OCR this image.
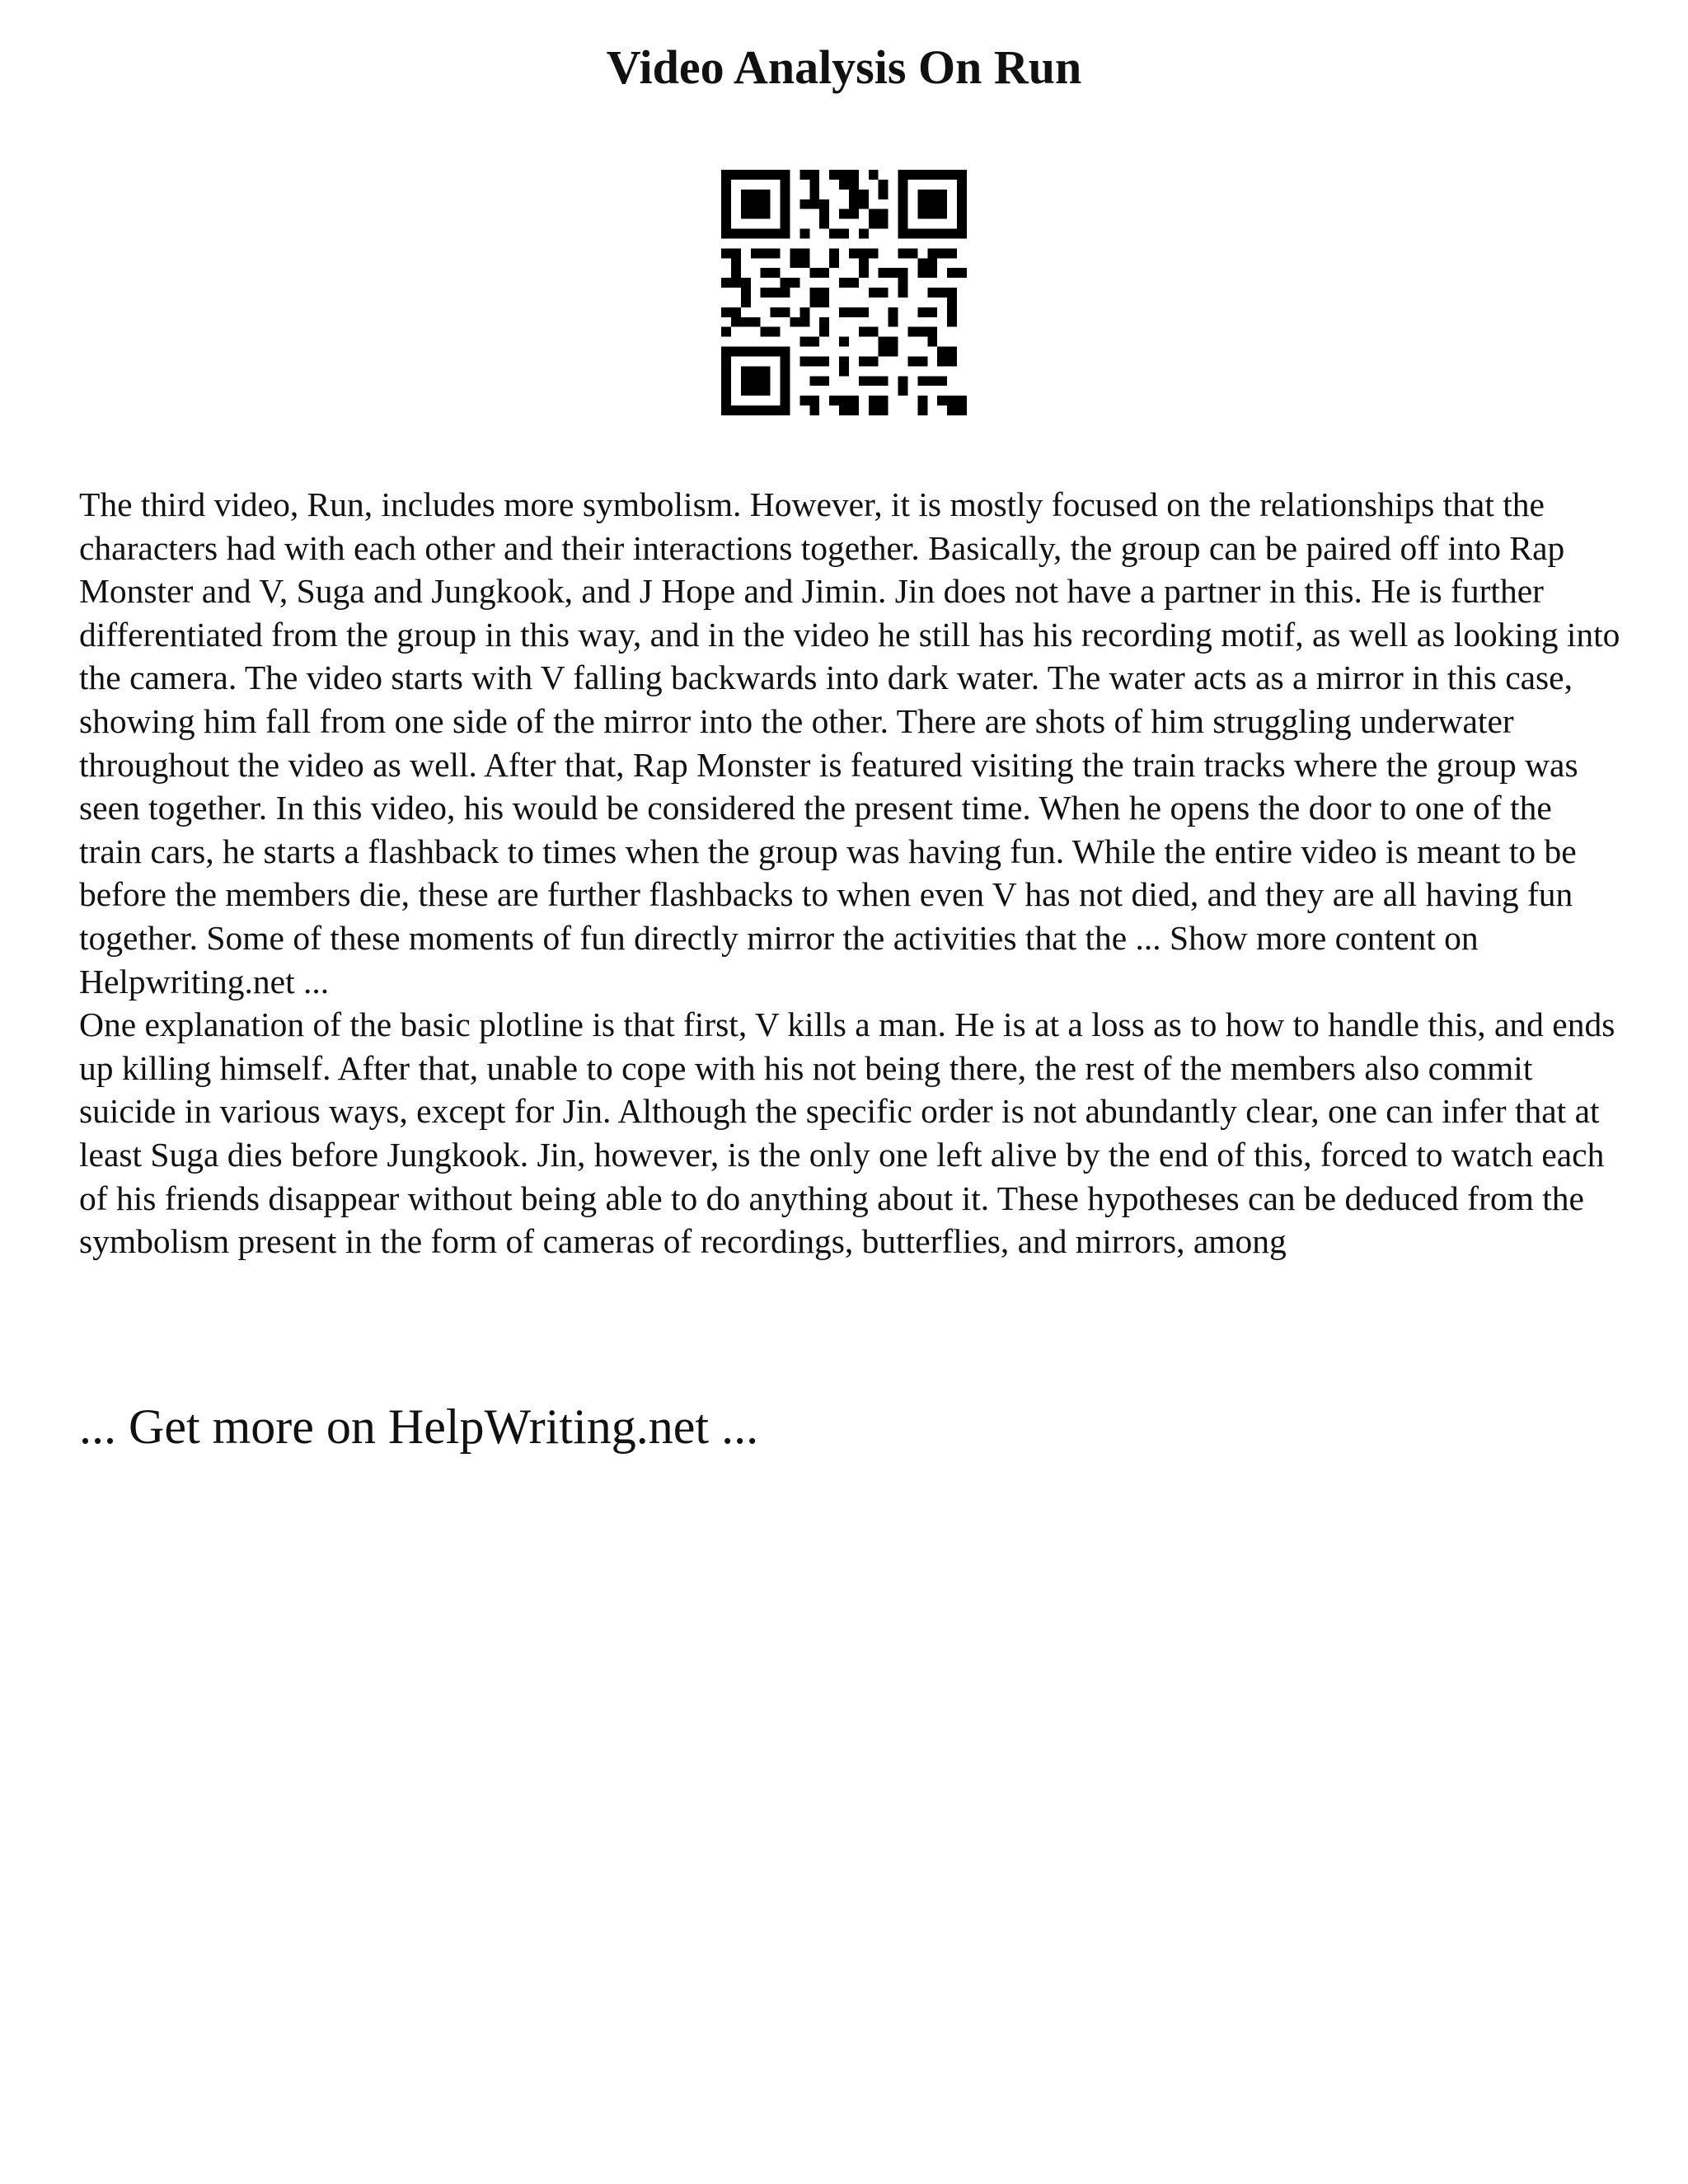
Video Analysis On Run

The third video, Run, includes more symbolism. However, it is mostly focused on the relationships that the characters had with each other and their interactions together. Basically, the group can be paired off into Rap Monster and V, Suga and Jungkook, and J Hope and Jimin. Jin does not have a partner in this. He is further differentiated from the group in this way, and in the video he still has his recording motif, as well as looking into the camera. The video starts with V falling backwards into dark water. The water acts as a mirror in this case, showing him fall from one side of the mirror into the other. There are shots of him struggling underwater throughout the video as well. After that, Rap Monster is featured visiting the train tracks where the group was seen together. In this video, his would be considered the present time. When he opens the door to one of the train cars, he starts a flashback to times when the group was having fun. While the entire video is meant to be before the members die, these are further flashbacks to when even V has not died, and they are all having fun together. Some of these moments of fun directly mirror the activities that the ... Show more content on Helpwriting.net ...

One explanation of the basic plotline is that first, V kills a man. He is at a loss as to how to handle this, and ends up killing himself. After that, unable to cope with his not being there, the rest of the members also commit suicide in various ways, except for Jin. Although the specific order is not abundantly clear, one can infer that at least Suga dies before Jungkook. Jin, however, is the only one left alive by the end of this, forced to watch each of his friends disappear without being able to do anything about it. These hypotheses can be deduced from the symbolism present in the form of cameras of recordings, butterflies, and mirrors, among

... Get more on HelpWriting.net ...
